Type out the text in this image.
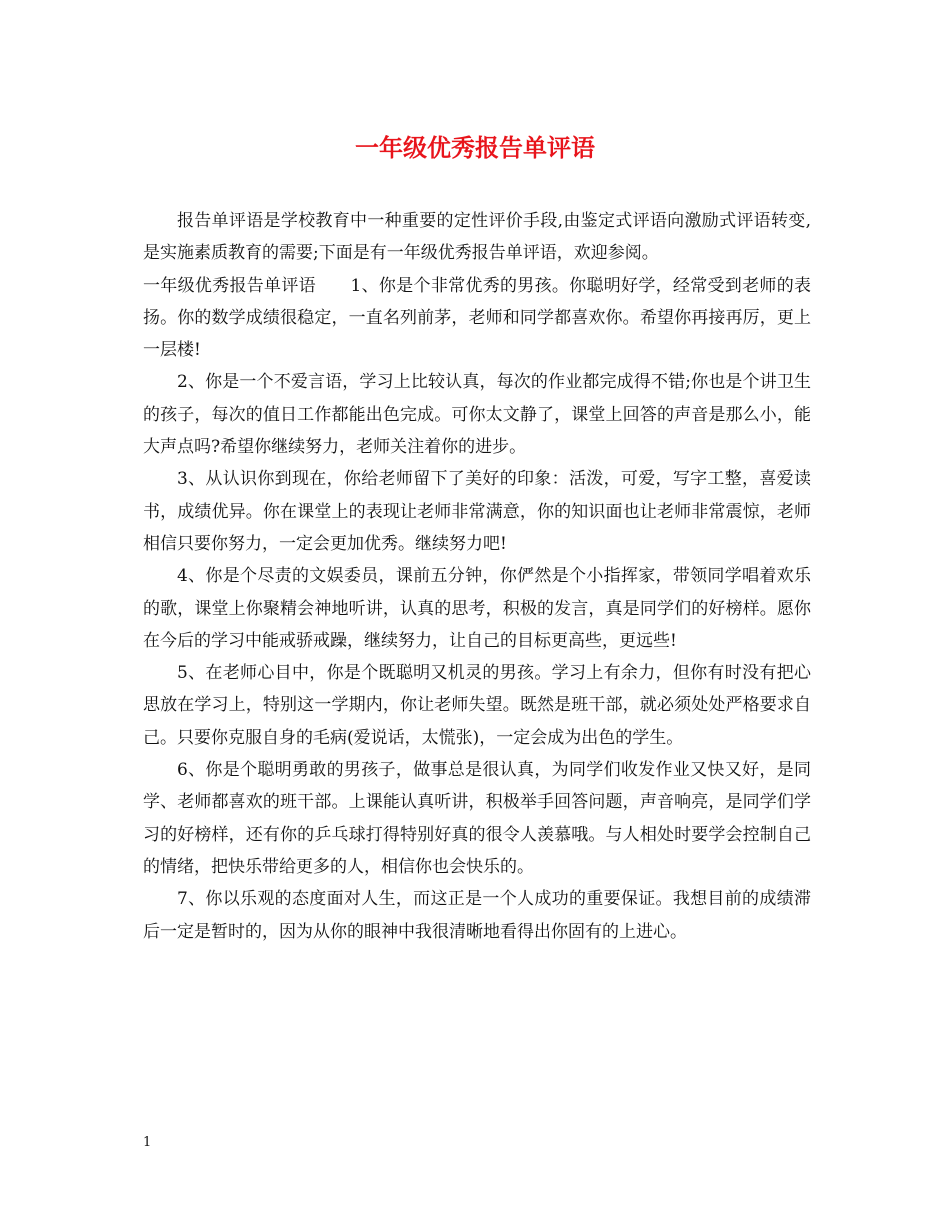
一年级优秀报告单评语

报告单评语是学校教育中一种重要的定性评价手段,由鉴定式评语向激励式评语转变,是实施素质教育的需要;下面是有一年级优秀报告单评语，欢迎参阅。

一年级优秀报告单评语　　1、你是个非常优秀的男孩。你聪明好学，经常受到老师的表扬。你的数学成绩很稳定，一直名列前茅，老师和同学都喜欢你。希望你再接再厉，更上一层楼!

2、你是一个不爱言语，学习上比较认真，每次的作业都完成得不错;你也是个讲卫生的孩子，每次的值日工作都能出色完成。可你太文静了，课堂上回答的声音是那么小，能大声点吗?希望你继续努力，老师关注着你的进步。

3、从认识你到现在，你给老师留下了美好的印象：活泼，可爱，写字工整，喜爱读书，成绩优异。你在课堂上的表现让老师非常满意，你的知识面也让老师非常震惊，老师相信只要你努力，一定会更加优秀。继续努力吧!

4、你是个尽责的文娱委员，课前五分钟，你俨然是个小指挥家，带领同学唱着欢乐的歌，课堂上你聚精会神地听讲，认真的思考，积极的发言，真是同学们的好榜样。愿你在今后的学习中能戒骄戒躁，继续努力，让自己的目标更高些，更远些!

5、在老师心目中，你是个既聪明又机灵的男孩。学习上有余力，但你有时没有把心思放在学习上，特别这一学期内，你让老师失望。既然是班干部，就必须处处严格要求自己。只要你克服自身的毛病(爱说话，太慌张)，一定会成为出色的学生。

6、你是个聪明勇敢的男孩子，做事总是很认真，为同学们收发作业又快又好，是同学、老师都喜欢的班干部。上课能认真听讲，积极举手回答问题，声音响亮，是同学们学习的好榜样，还有你的乒乓球打得特别好真的很令人羡慕哦。与人相处时要学会控制自己的情绪，把快乐带给更多的人，相信你也会快乐的。

7、你以乐观的态度面对人生，而这正是一个人成功的重要保证。我想目前的成绩滞后一定是暂时的，因为从你的眼神中我很清晰地看得出你固有的上进心。

1
